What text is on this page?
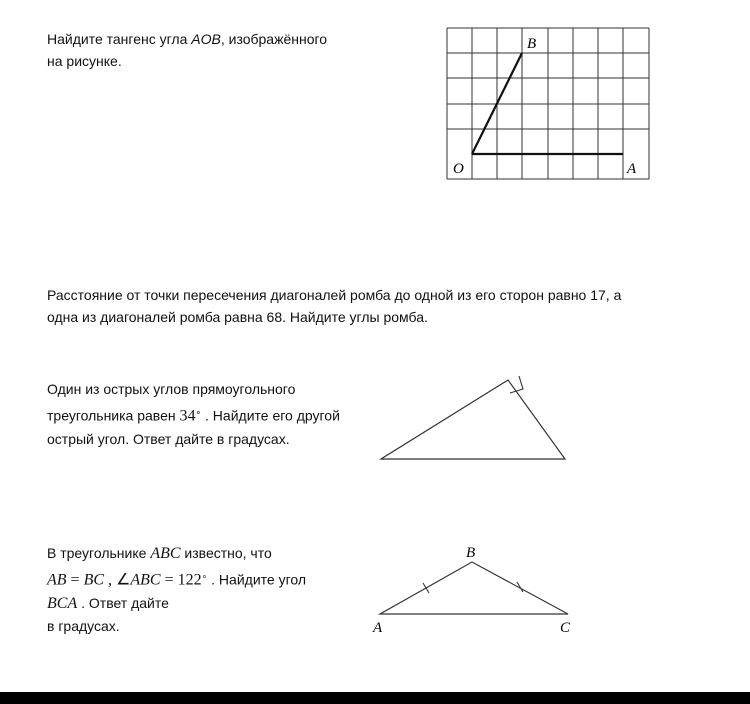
Найдите тангенс угла AOB, изображённого
на рисунке.
B
O	A
Расстояние от точки пересечения диагоналей ромба до одной из его сторон равно 17, а
одна из диагоналей ромба равна 68. Найдите углы ромба.
Один из острых углов прямоугольного
треугольника равен 34∘ . Найдите его другой
острый угол. Ответ дайте в градусах.
В треугольнике ABC известно, что
AB = BC , ∠ABC = 122∘ . Найдите угол
BCA . Ответ дайте
в градусах.
B
A	C
